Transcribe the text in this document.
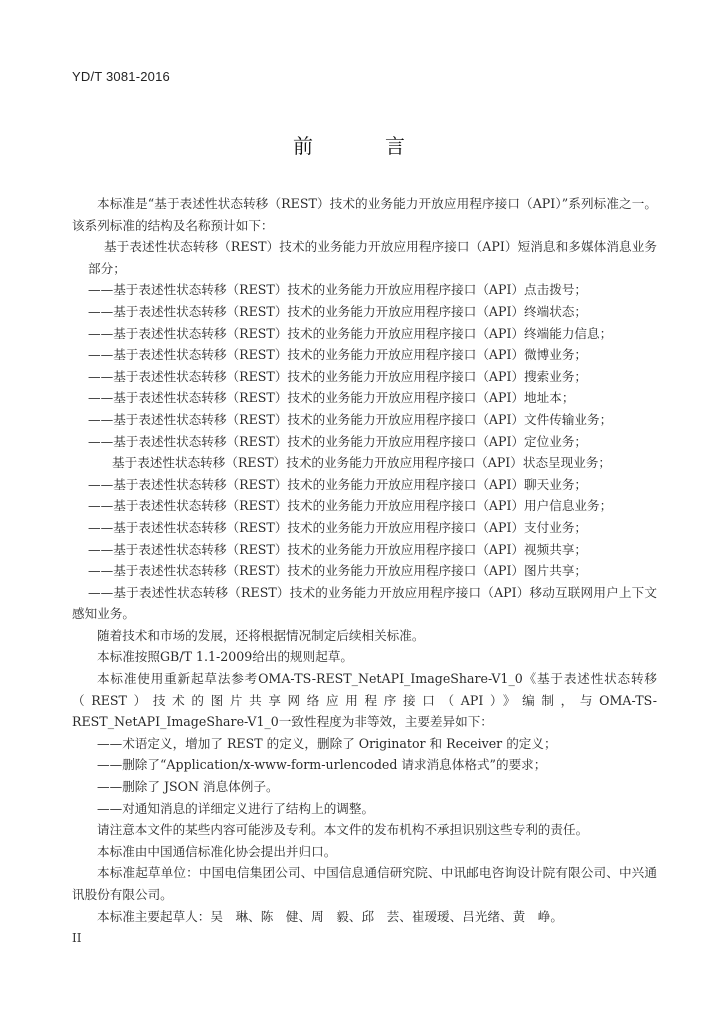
YD/T 3081-2016
前　言

本标准是“基于表述性状态转移（REST）技术的业务能力开放应用程序接口（API）”系列标准之一。该系列标准的结构及名称预计如下：

基于表述性状态转移（REST）技术的业务能力开放应用程序接口（API）短消息和多媒体消息业务部分；

——基于表述性状态转移（REST）技术的业务能力开放应用程序接口（API）点击拨号；

——基于表述性状态转移（REST）技术的业务能力开放应用程序接口（API）终端状态；

——基于表述性状态转移（REST）技术的业务能力开放应用程序接口（API）终端能力信息；

——基于表述性状态转移（REST）技术的业务能力开放应用程序接口（API）微博业务；

——基于表述性状态转移（REST）技术的业务能力开放应用程序接口（API）搜索业务；

——基于表述性状态转移（REST）技术的业务能力开放应用程序接口（API）地址本；

——基于表述性状态转移（REST）技术的业务能力开放应用程序接口（API）文件传输业务；

——基于表述性状态转移（REST）技术的业务能力开放应用程序接口（API）定位业务；

基于表述性状态转移（REST）技术的业务能力开放应用程序接口（API）状态呈现业务；

——基于表述性状态转移（REST）技术的业务能力开放应用程序接口（API）聊天业务；

——基于表述性状态转移（REST）技术的业务能力开放应用程序接口（API）用户信息业务；

——基于表述性状态转移（REST）技术的业务能力开放应用程序接口（API）支付业务；

——基于表述性状态转移（REST）技术的业务能力开放应用程序接口（API）视频共享；

——基于表述性状态转移（REST）技术的业务能力开放应用程序接口（API）图片共享；

——基于表述性状态转移（REST）技术的业务能力开放应用程序接口（API）移动互联网用户上下文感知业务。

随着技术和市场的发展，还将根据情况制定后续相关标准。

本标准按照GB/T 1.1-2009给出的规则起草。

本标准使用重新起草法参考OMA-TS-REST_NetAPI_ImageShare-V1_0《基于表述性状态转移（REST）技术的图片共享网络应用程序接口（API）》编制，与OMA-TS-REST_NetAPI_ImageShare-V1_0一致性程度为非等效，主要差异如下：

——术语定义，增加了 REST 的定义，删除了 Originator 和 Receiver 的定义；

——删除了“Application/x-www-form-urlencoded 请求消息体格式”的要求；

——删除了 JSON 消息体例子。

——对通知消息的详细定义进行了结构上的调整。

请注意本文件的某些内容可能涉及专利。本文件的发布机构不承担识别这些专利的责任。

本标准由中国通信标准化协会提出并归口。

本标准起草单位：中国电信集团公司、中国信息通信研究院、中讯邮电咨询设计院有限公司、中兴通讯股份有限公司。

本标准主要起草人：吴　琳、陈　健、周　毅、邱　芸、崔瑷瑷、吕光绪、黄　峥。

II
